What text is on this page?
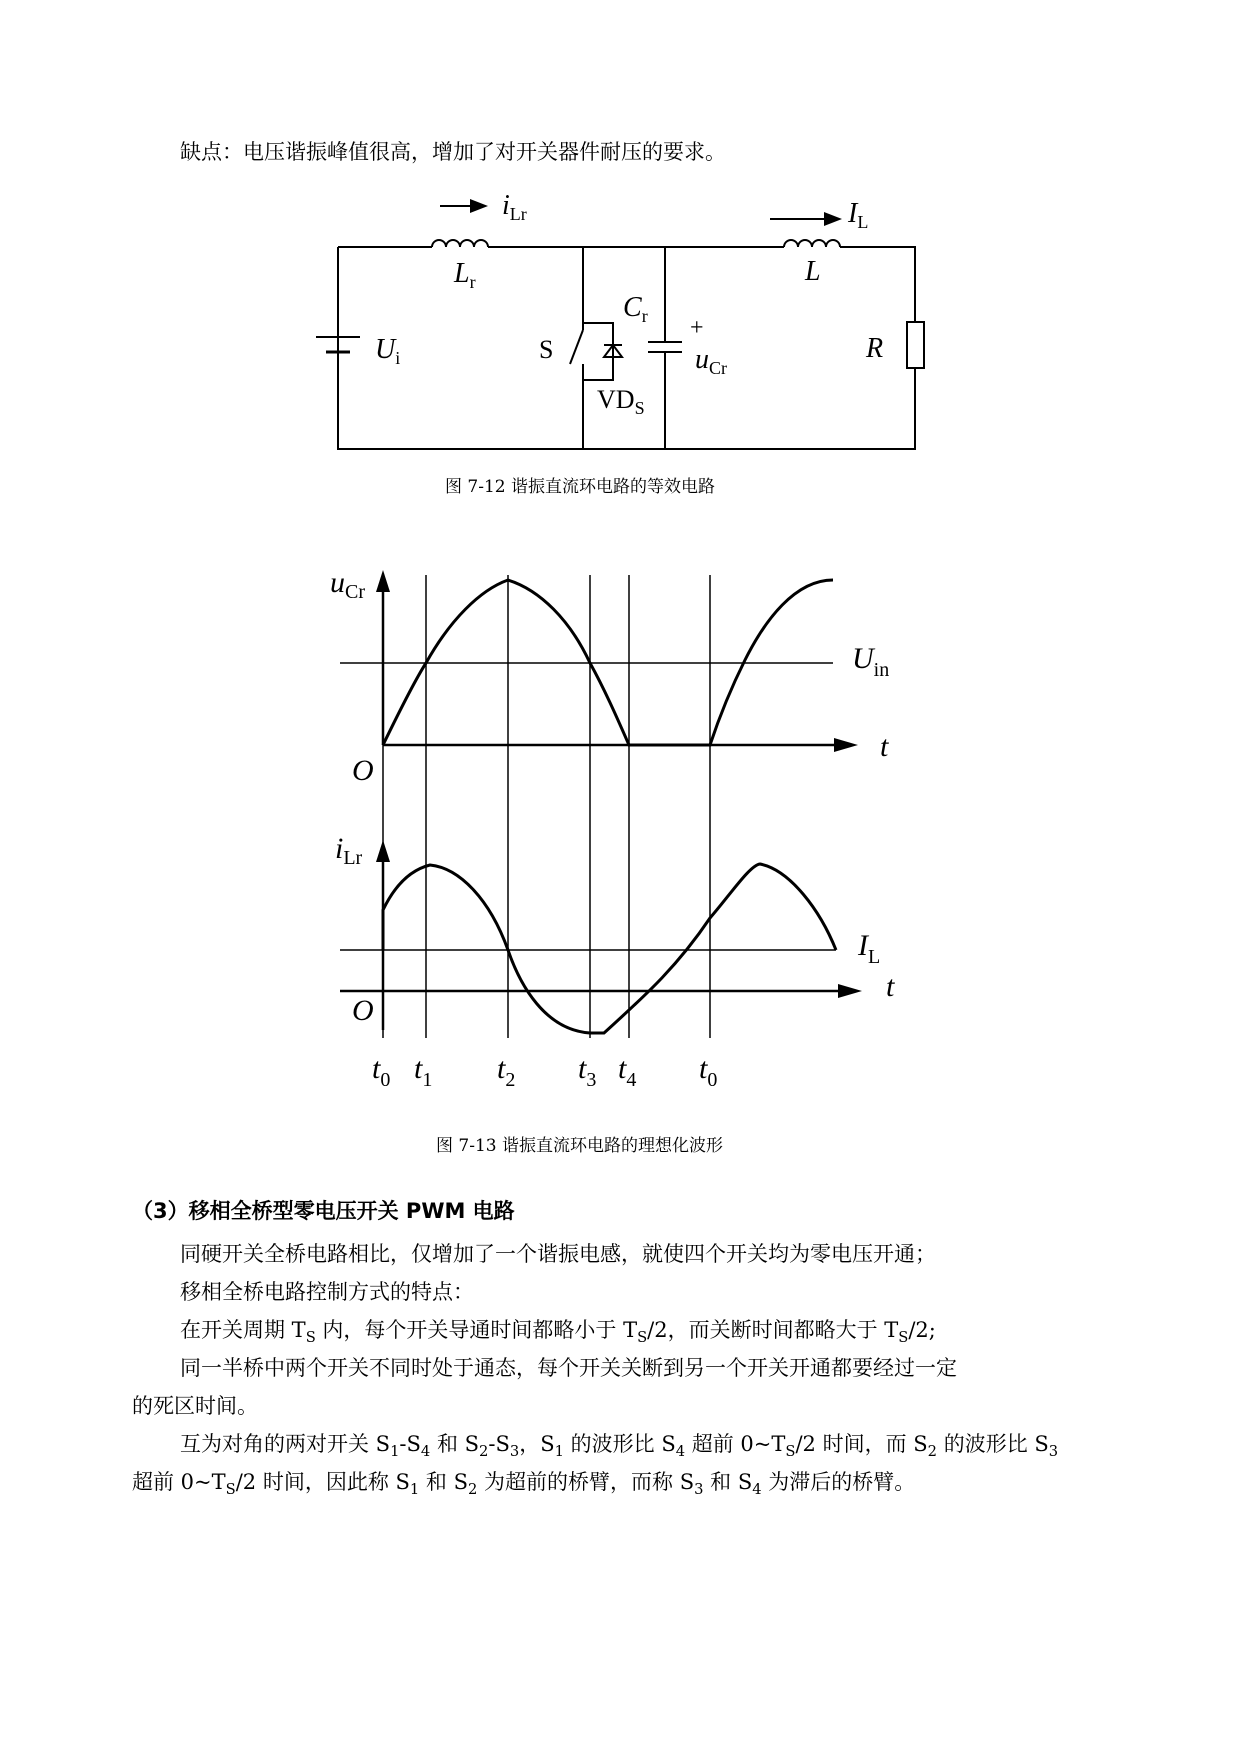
缺点：电压谐振峰值很高，增加了对开关器件耐压的要求。
$i_{Lr}$
$L_r$
$I_L$
L
$C_r$ +
$u_{Cr}$
S
$VD_S$
$U_i$	R
图 7-12 谐振直流环电路的等效电路
$u_{Cr}$
$U_{in}$
t
O
$i_{Lr}$
$I_L$
t
O
$t_0$ $t_1$ $t_2$ $t_3$ $t_4$ $t_0$
图 7-13 谐振直流环电路的理想化波形
（3）移相全桥型零电压开关 PWM 电路
同硬开关全桥电路相比，仅增加了一个谐振电感，就使四个开关均为零电压开通；
移相全桥电路控制方式的特点：
在开关周期 $T_S$ 内，每个开关导通时间都略小于 $T_S/2$，而关断时间都略大于 $T_S/2$;
同一半桥中两个开关不同时处于通态，每个开关关断到另一个开关开通都要经过一定
的死区时间。
互为对角的两对开关 $S_1-S_4$ 和 $S_2-S_3$，$S_1$ 的波形比 $S_4$ 超前 $0\sim T_S/2$ 时间，而 $S_2$ 的波形比 $S_3$
超前 $0\sim T_S/2$ 时间，因此称 $S_1$ 和 $S_2$ 为超前的桥臂，而称 $S_3$ 和 $S_4$ 为滞后的桥臂。
